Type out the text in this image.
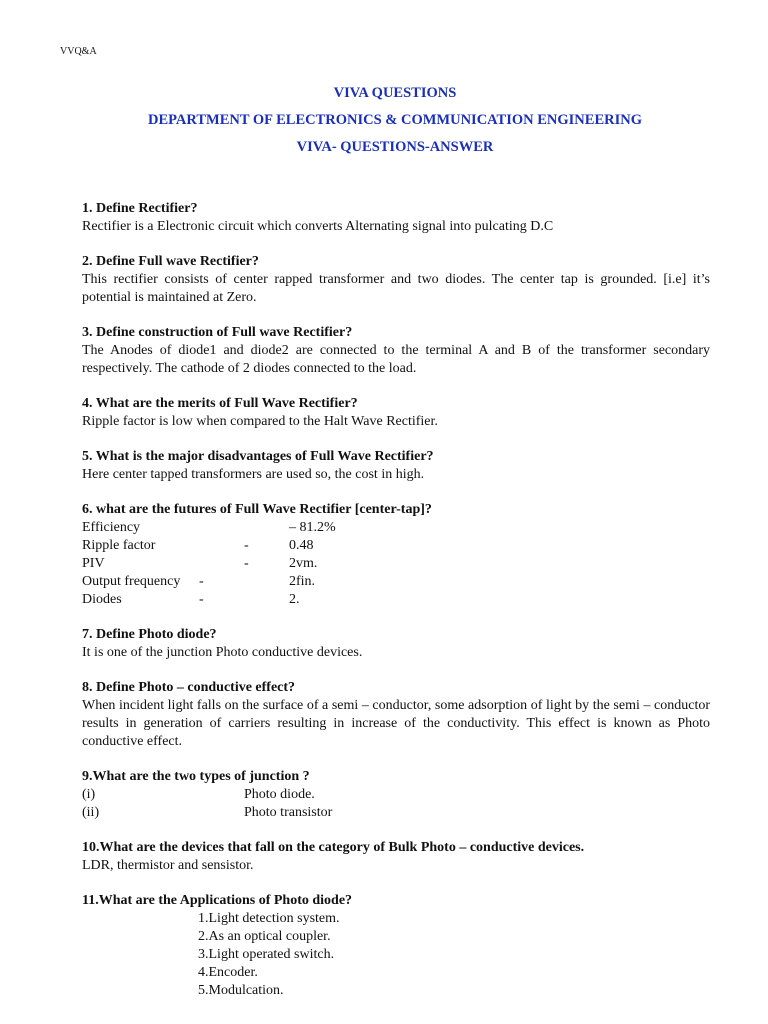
VVQ&A
VIVA QUESTIONS
DEPARTMENT OF ELECTRONICS & COMMUNICATION ENGINEERING
VIVA- QUESTIONS-ANSWER

1. Define Rectifier?

Rectifier is a Electronic circuit which converts Alternating signal into pulcating D.C

2. Define Full wave Rectifier?

This rectifier consists of center rapped transformer and two diodes. The center tap is grounded. [i.e] it’s potential is maintained at Zero.

3. Define construction of Full wave Rectifier?

The Anodes of diode1 and diode2 are connected to the terminal A and B of the transformer secondary respectively. The cathode of 2 diodes connected to the load.

4. What are the merits of Full Wave Rectifier?

Ripple factor is low when compared to the Halt Wave Rectifier.

5. What is the major disadvantages of Full Wave Rectifier?

Here center tapped transformers are used so, the cost in high.

6. what are the futures of Full Wave Rectifier [center-tap]?

Efficiency	– 81.2%
Ripple factor	-	0.48
PIV	-	2vm.
Output frequency -	2fin.
Diodes	-	2.

7. Define Photo diode?

It is one of the junction Photo conductive devices.

8. Define Photo – conductive effect?

When incident light falls on the surface of a semi – conductor, some adsorption of light by the semi – conductor results in generation of carriers resulting in increase of the conductivity. This effect is known as Photo conductive effect.

9.What are the two types of junction ?

(i)	Photo diode.
(ii)	Photo transistor

10.What are the devices that fall on the category of Bulk Photo – conductive devices.

LDR, thermistor and sensistor.

11.What are the Applications of Photo diode?

1.Light detection system.
2.As an optical coupler.
3.Light operated switch.
4.Encoder.
5.Modulcation.
